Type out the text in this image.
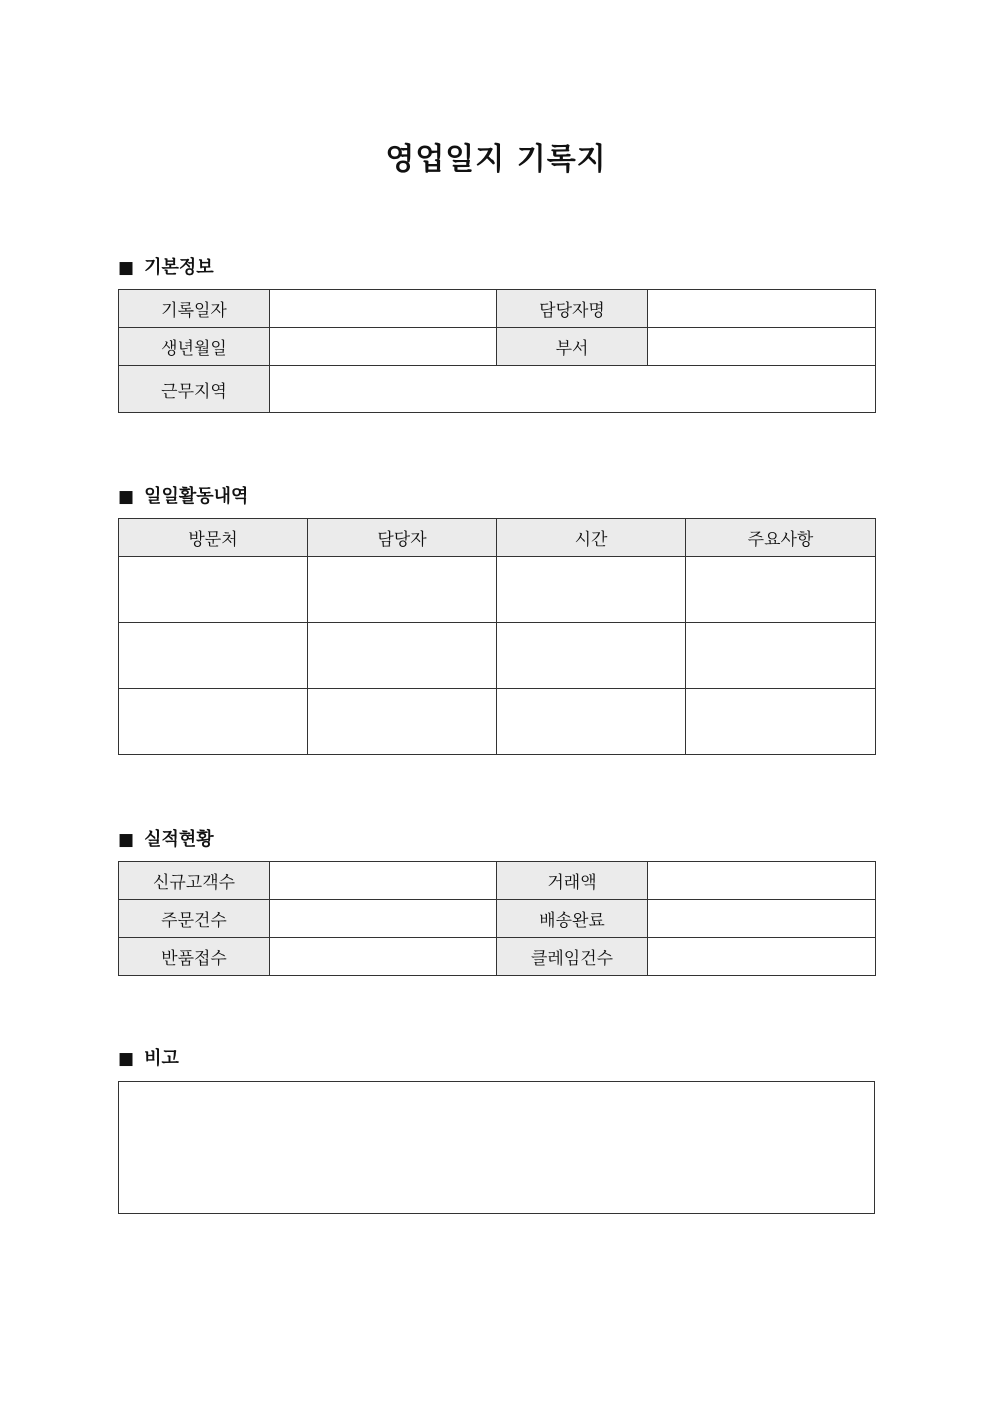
영업일지 기록지
■ 기본정보
기록일자		담당자명	
생년월일		부서	
근무지역			
■ 일일활동내역
방문처	담당자	시간	주요사항

■ 실적현황
신규고객수		거래액	
주문건수		배송완료	
반품접수		클레임건수	
■ 비고
